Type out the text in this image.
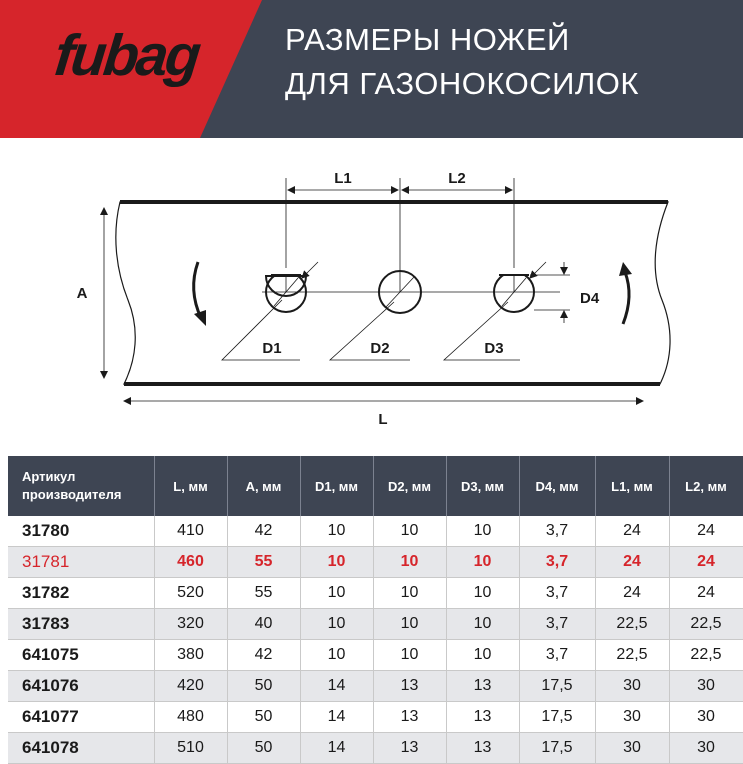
fubag	РАЗМЕРЫ НОЖЕЙ
ДЛЯ ГАЗОНОКОСИЛОК
L1	L2
A
L
D4
D1	D2	D3
Артикул
производителя	L, мм	A, мм	D1, мм	D2, мм	D3, мм	D4, мм	L1, мм	L2, мм
31780	410	42	10	10	10	3,7	24	24
31781	460	55	10	10	10	3,7	24	24
31782	520	55	10	10	10	3,7	24	24
31783	320	40	10	10	10	3,7	22,5	22,5
641075	380	42	10	10	10	3,7	22,5	22,5
641076	420	50	14	13	13	17,5	30	30
641077	480	50	14	13	13	17,5	30	30
641078	510	50	14	13	13	17,5	30	30
